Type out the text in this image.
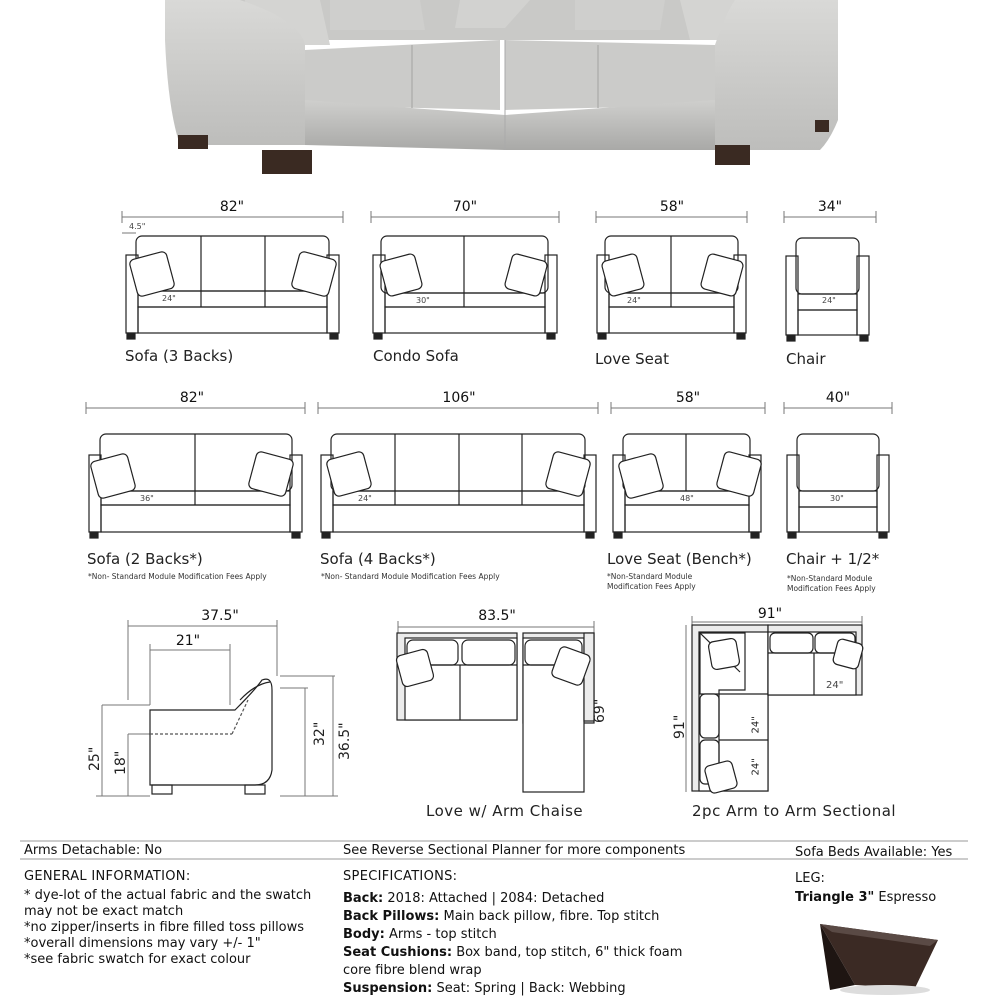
82"
4.5"
24"
Sofa (3 Backs)
70"
30"
Condo Sofa
58"
24"
Love Seat
34"
24"
Chair
82"
36"
Sofa (2 Backs*)
*Non- Standard Module Modification Fees Apply
106"
24"
Sofa (4 Backs*)
*Non- Standard Module Modification Fees Apply
58"
48"
Love Seat (Bench*)
*Non-Standard Module
Modification Fees Apply
40"
30"
Chair + 1/2*
*Non-Standard Module
Modification Fees Apply
37.5"
21"
25" 18"
32" 36.5"
83.5"
69"
Love w/ Arm Chaise
91"
91"
24"
24"
24"
2pc Arm to Arm Sectional
Arms Detachable: No	See Reverse Sectional Planner for more components	Sofa Beds Available: Yes
GENERAL INFORMATION:
* dye-lot of the actual fabric and the swatch
may not be exact match
*no zipper/inserts in fibre filled toss pillows
*overall dimensions may vary +/- 1"
*see fabric swatch for exact colour
SPECIFICATIONS:
Back: 2018: Attached | 2084: Detached
Back Pillows: Main back pillow, fibre. Top stitch
Body: Arms - top stitch
Seat Cushions: Box band, top stitch, 6" thick foam
core fibre blend wrap
Suspension: Seat: Spring | Back: Webbing
LEG:
Triangle 3" Espresso
